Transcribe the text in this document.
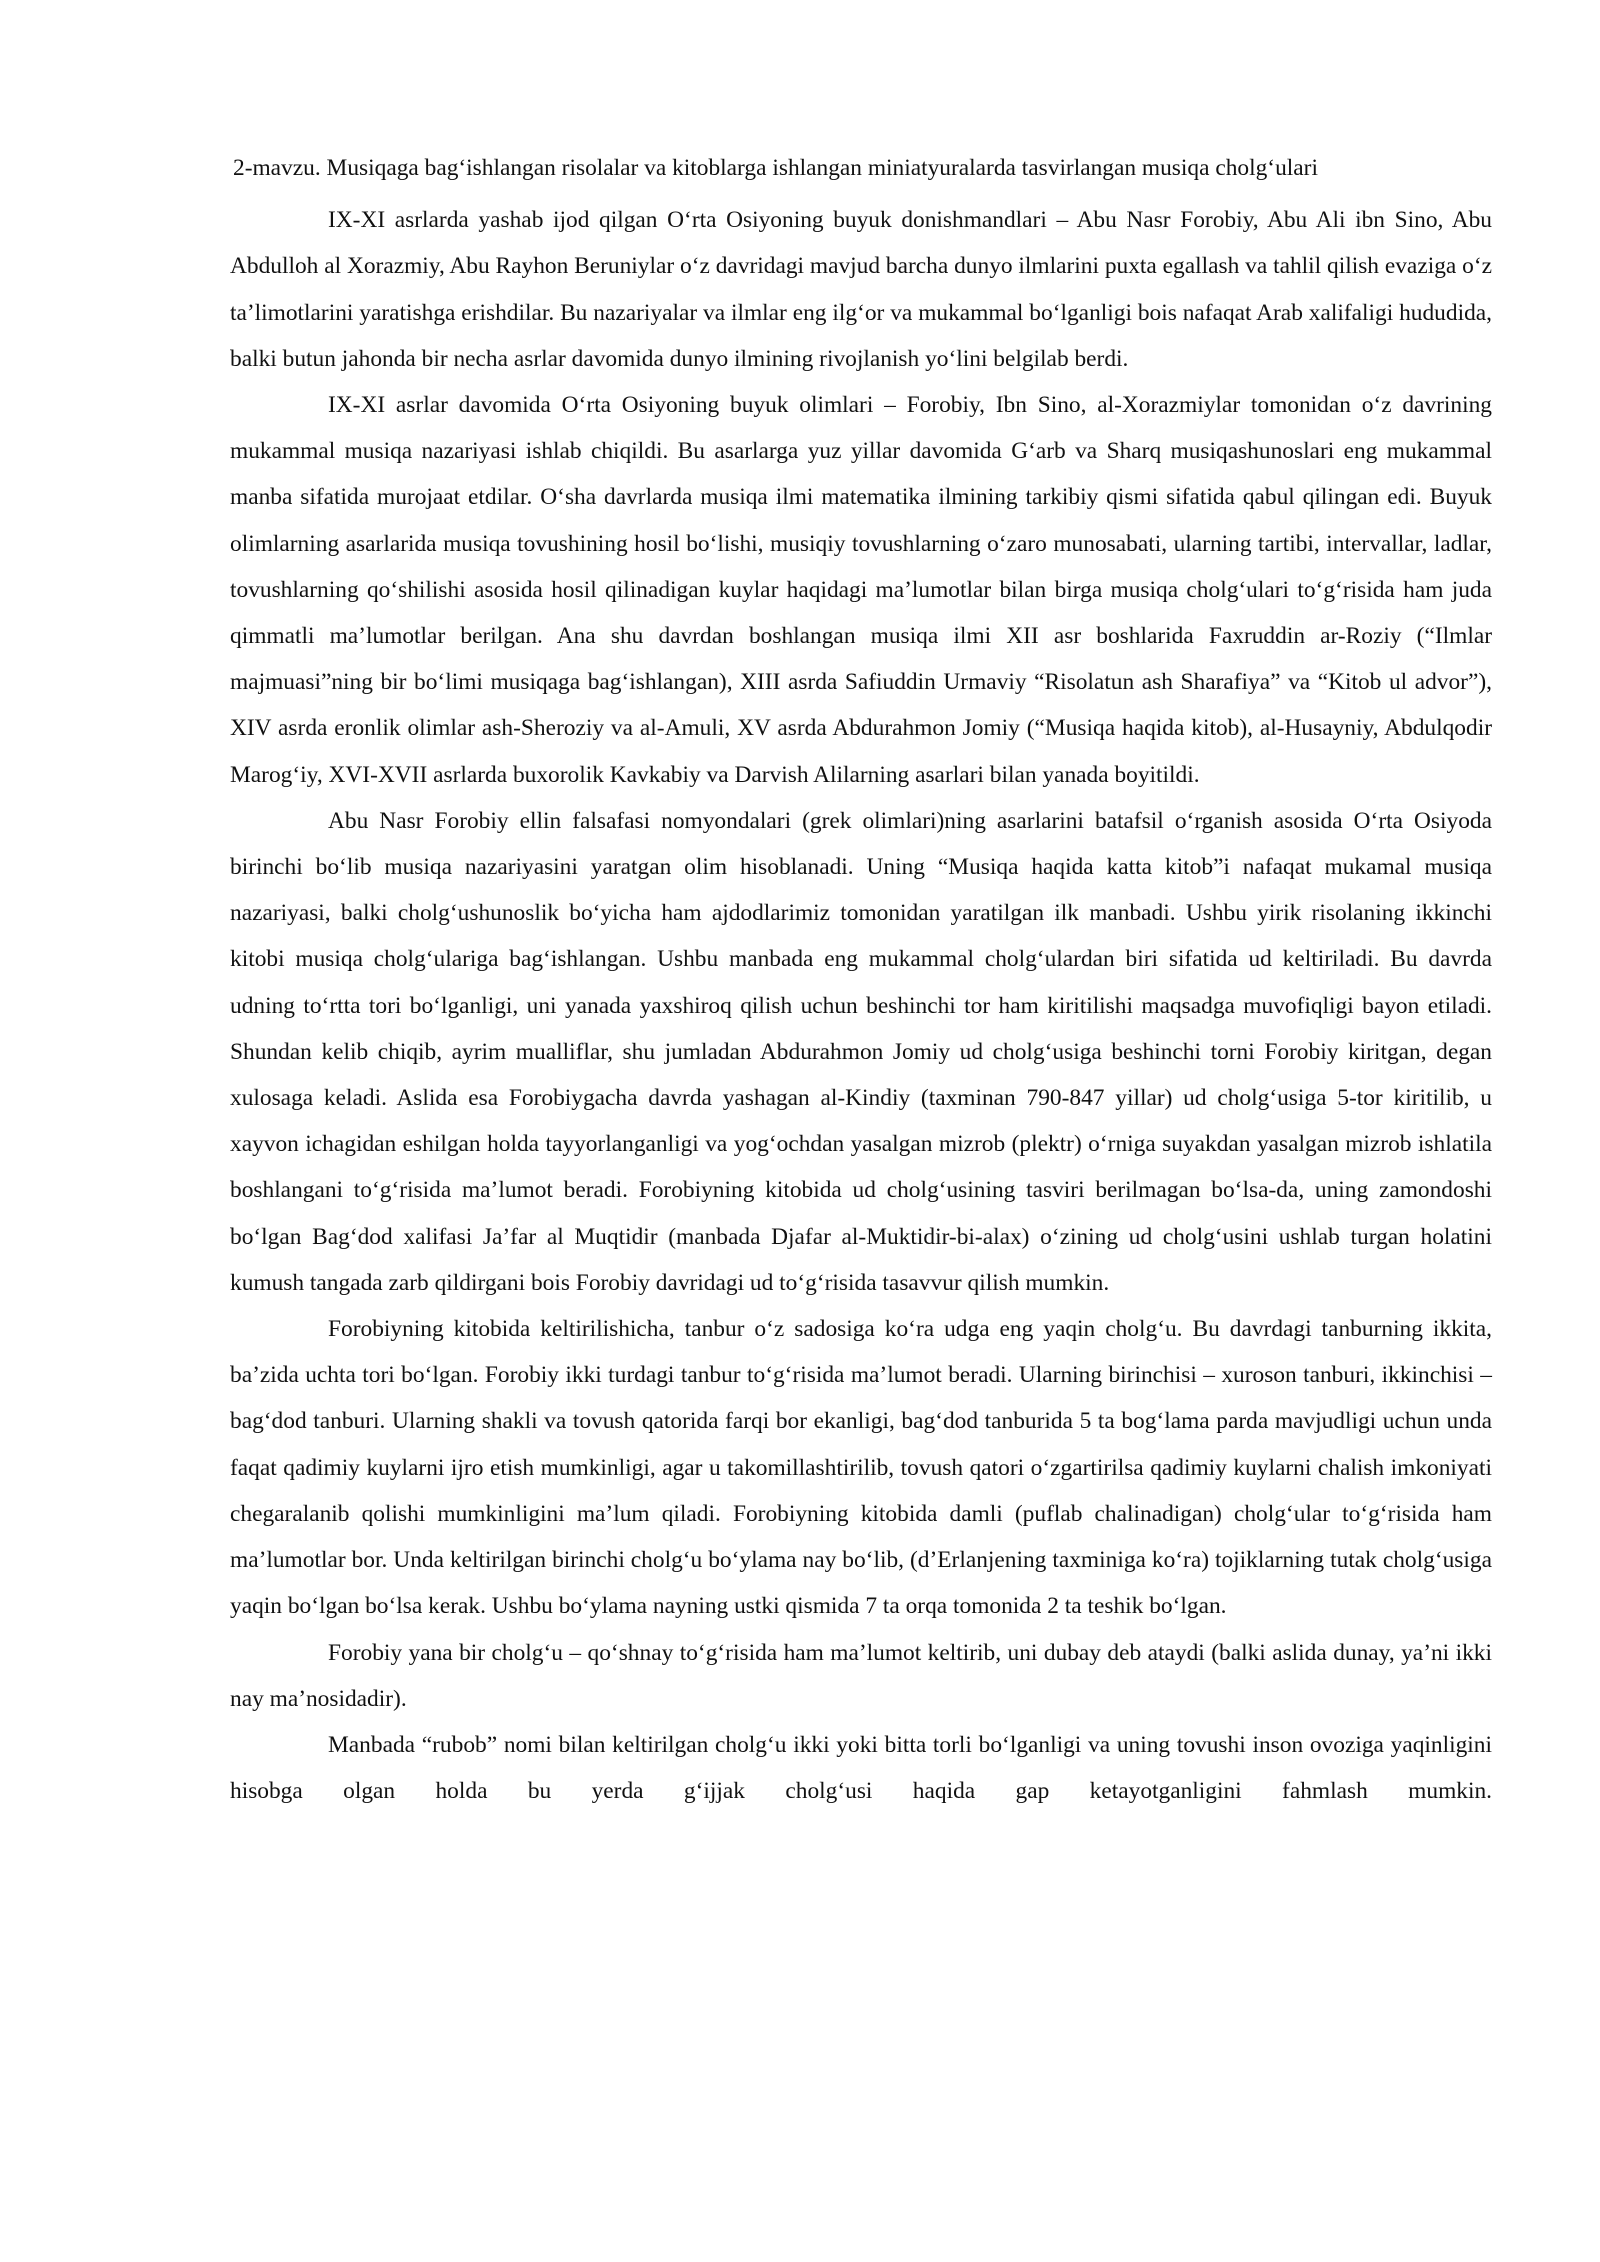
2-mavzu. Musiqaga bag‘ishlangan risolalar va kitoblarga ishlangan miniatyuralarda tasvirlangan musiqa cholg‘ulari

IX-XI asrlarda yashab ijod qilgan O‘rta Osiyoning buyuk donishmandlari – Abu Nasr Forobiy, Abu Ali ibn Sino, Abu Abdulloh al Xorazmiy, Abu Rayhon Beruniylar o‘z davridagi mavjud barcha dunyo ilmlarini puxta egallash va tahlil qilish evaziga o‘z ta’limotlarini yaratishga erishdilar. Bu nazariyalar va ilmlar eng ilg‘or va mukammal bo‘lganligi bois nafaqat Arab xalifaligi hududida, balki butun jahonda bir necha asrlar davomida dunyo ilmining rivojlanish yo‘lini belgilab berdi.

IX-XI asrlar davomida O‘rta Osiyoning buyuk olimlari – Forobiy, Ibn Sino, al-Xorazmiylar tomonidan o‘z davrining mukammal musiqa nazariyasi ishlab chiqildi. Bu asarlarga yuz yillar davomida G‘arb va Sharq musiqashunoslari eng mukammal manba sifatida murojaat etdilar. O‘sha davrlarda musiqa ilmi matematika ilmining tarkibiy qismi sifatida qabul qilingan edi. Buyuk olimlarning asarlarida musiqa tovushining hosil bo‘lishi, musiqiy tovushlarning o‘zaro munosabati, ularning tartibi, intervallar, ladlar, tovushlarning qo‘shilishi asosida hosil qilinadigan kuylar haqidagi ma’lumotlar bilan birga musiqa cholg‘ulari to‘g‘risida ham juda qimmatli ma’lumotlar berilgan. Ana shu davrdan boshlangan musiqa ilmi XII asr boshlarida Faxruddin ar-Roziy (“Ilmlar majmuasi”ning bir bo‘limi musiqaga bag‘ishlangan), XIII asrda Safiuddin Urmaviy “Risolatun ash Sharafiya” va “Kitob ul advor”), XIV asrda eronlik olimlar ash-Sheroziy va al-Amuli, XV asrda Abdurahmon Jomiy (“Musiqa haqida kitob), al-Husayniy, Abdulqodir Marog‘iy, XVI-XVII asrlarda buxorolik Kavkabiy va Darvish Alilarning asarlari bilan yanada boyitildi.

Abu Nasr Forobiy ellin falsafasi nomyondalari (grek olimlari)ning asarlarini batafsil o‘rganish asosida O‘rta Osiyoda birinchi bo‘lib musiqa nazariyasini yaratgan olim hisoblanadi. Uning “Musiqa haqida katta kitob”i nafaqat mukamal musiqa nazariyasi, balki cholg‘ushunoslik bo‘yicha ham ajdodlarimiz tomonidan yaratilgan ilk manbadi. Ushbu yirik risolaning ikkinchi kitobi musiqa cholg‘ulariga bag‘ishlangan. Ushbu manbada eng mukammal cholg‘ulardan biri sifatida ud keltiriladi. Bu davrda udning to‘rtta tori bo‘lganligi, uni yanada yaxshiroq qilish uchun beshinchi tor ham kiritilishi maqsadga muvofiqligi bayon etiladi. Shundan kelib chiqib, ayrim mualliflar, shu jumladan Abdurahmon Jomiy ud cholg‘usiga beshinchi torni Forobiy kiritgan, degan xulosaga keladi. Aslida esa Forobiygacha davrda yashagan al-Kindiy (taxminan 790-847 yillar) ud cholg‘usiga 5-tor kiritilib, u xayvon ichagidan eshilgan holda tayyorlanganligi va yog‘ochdan yasalgan mizrob (plektr) o‘rniga suyakdan yasalgan mizrob ishlatila boshlangani to‘g‘risida ma’lumot beradi. Forobiyning kitobida ud cholg‘usining tasviri berilmagan bo‘lsa-da, uning zamondoshi bo‘lgan Bag‘dod xalifasi Ja’far al Muqtidir (manbada Djafar al-Muktidir-bi-alax) o‘zining ud cholg‘usini ushlab turgan holatini kumush tangada zarb qildirgani bois Forobiy davridagi ud to‘g‘risida tasavvur qilish mumkin.

Forobiyning kitobida keltirilishicha, tanbur o‘z sadosiga ko‘ra udga eng yaqin cholg‘u. Bu davrdagi tanburning ikkita, ba’zida uchta tori bo‘lgan. Forobiy ikki turdagi tanbur to‘g‘risida ma’lumot beradi. Ularning birinchisi – xuroson tanburi, ikkinchisi – bag‘dod tanburi. Ularning shakli va tovush qatorida farqi bor ekanligi, bag‘dod tanburida 5 ta bog‘lama parda mavjudligi uchun unda faqat qadimiy kuylarni ijro etish mumkinligi, agar u takomillashtirilib, tovush qatori o‘zgartirilsa qadimiy kuylarni chalish imkoniyati chegaralanib qolishi mumkinligini ma’lum qiladi. Forobiyning kitobida damli (puflab chalinadigan) cholg‘ular to‘g‘risida ham ma’lumotlar bor. Unda keltirilgan birinchi cholg‘u bo‘ylama nay bo‘lib, (d’Erlanjening taxminiga ko‘ra) tojiklarning tutak cholg‘usiga yaqin bo‘lgan bo‘lsa kerak. Ushbu bo‘ylama nayning ustki qismida 7 ta orqa tomonida 2 ta teshik bo‘lgan.

Forobiy yana bir cholg‘u – qo‘shnay to‘g‘risida ham ma’lumot keltirib, uni dubay deb ataydi (balki aslida dunay, ya’ni ikki nay ma’nosidadir).

Manbada “rubob” nomi bilan keltirilgan cholg‘u ikki yoki bitta torli bo‘lganligi va uning tovushi inson ovoziga yaqinligini hisobga olgan holda bu yerda g‘ijjak cholg‘usi haqida gap ketayotganligini fahmlash mumkin.
